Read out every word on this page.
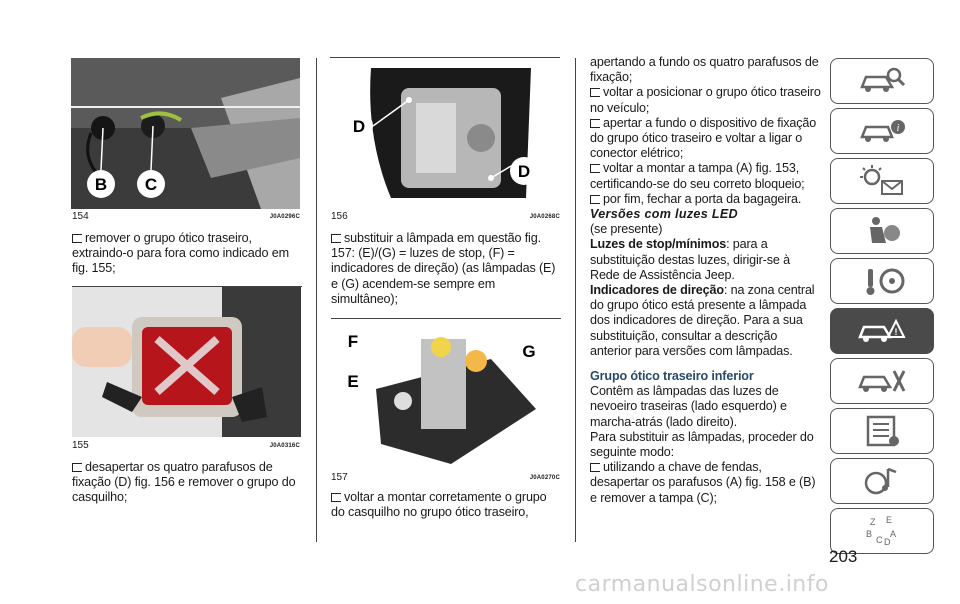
B C
154	J0A0296C

remover o grupo ótico traseiro, extraindo-o para fora como indicado em fig. 155;

155	J0A0316C

desapertar os quatro parafusos de fixação (D) fig. 156 e remover o grupo do casquilho;

D
D
156	J0A0268C

substituir a lâmpada em questão fig. 157: (E)/(G) = luzes de stop, (F) = indicadores de direção) (as lâmpadas (E) e (G) acendem-se sempre em simultâneo);

F
G
E
157	J0A0270C

voltar a montar corretamente o grupo do casquilho no grupo ótico traseiro,

apertando a fundo os quatro parafusos de fixação;

voltar a posicionar o grupo ótico traseiro no veículo;

apertar a fundo o dispositivo de fixação do grupo ótico traseiro e voltar a ligar o conector elétrico;

voltar a montar a tampa (A) fig. 153, certificando-se do seu correto bloqueio;

por fim, fechar a porta da bagageira.

Versões com luzes LED

(se presente)

Luzes de stop/mínimos: para a substituição destas luzes, dirigir-se à Rede de Assistência Jeep.

Indicadores de direção: na zona central do grupo ótico está presente a lâmpada dos indicadores de direção. Para a sua substituição, consultar a descrição anterior para versões com lâmpadas.

Grupo ótico traseiro inferior

Contêm as lâmpadas das luzes de nevoeiro traseiras (lado esquerdo) e marcha-atrás (lado direito).

Para substituir as lâmpadas, proceder do seguinte modo:

utilizando a chave de fendas, desapertar os parafusos (A) fig. 158 e (B) e remover a tampa (C);

i
!
Z E
B
C
A
D
203
carmanualsonline.info
